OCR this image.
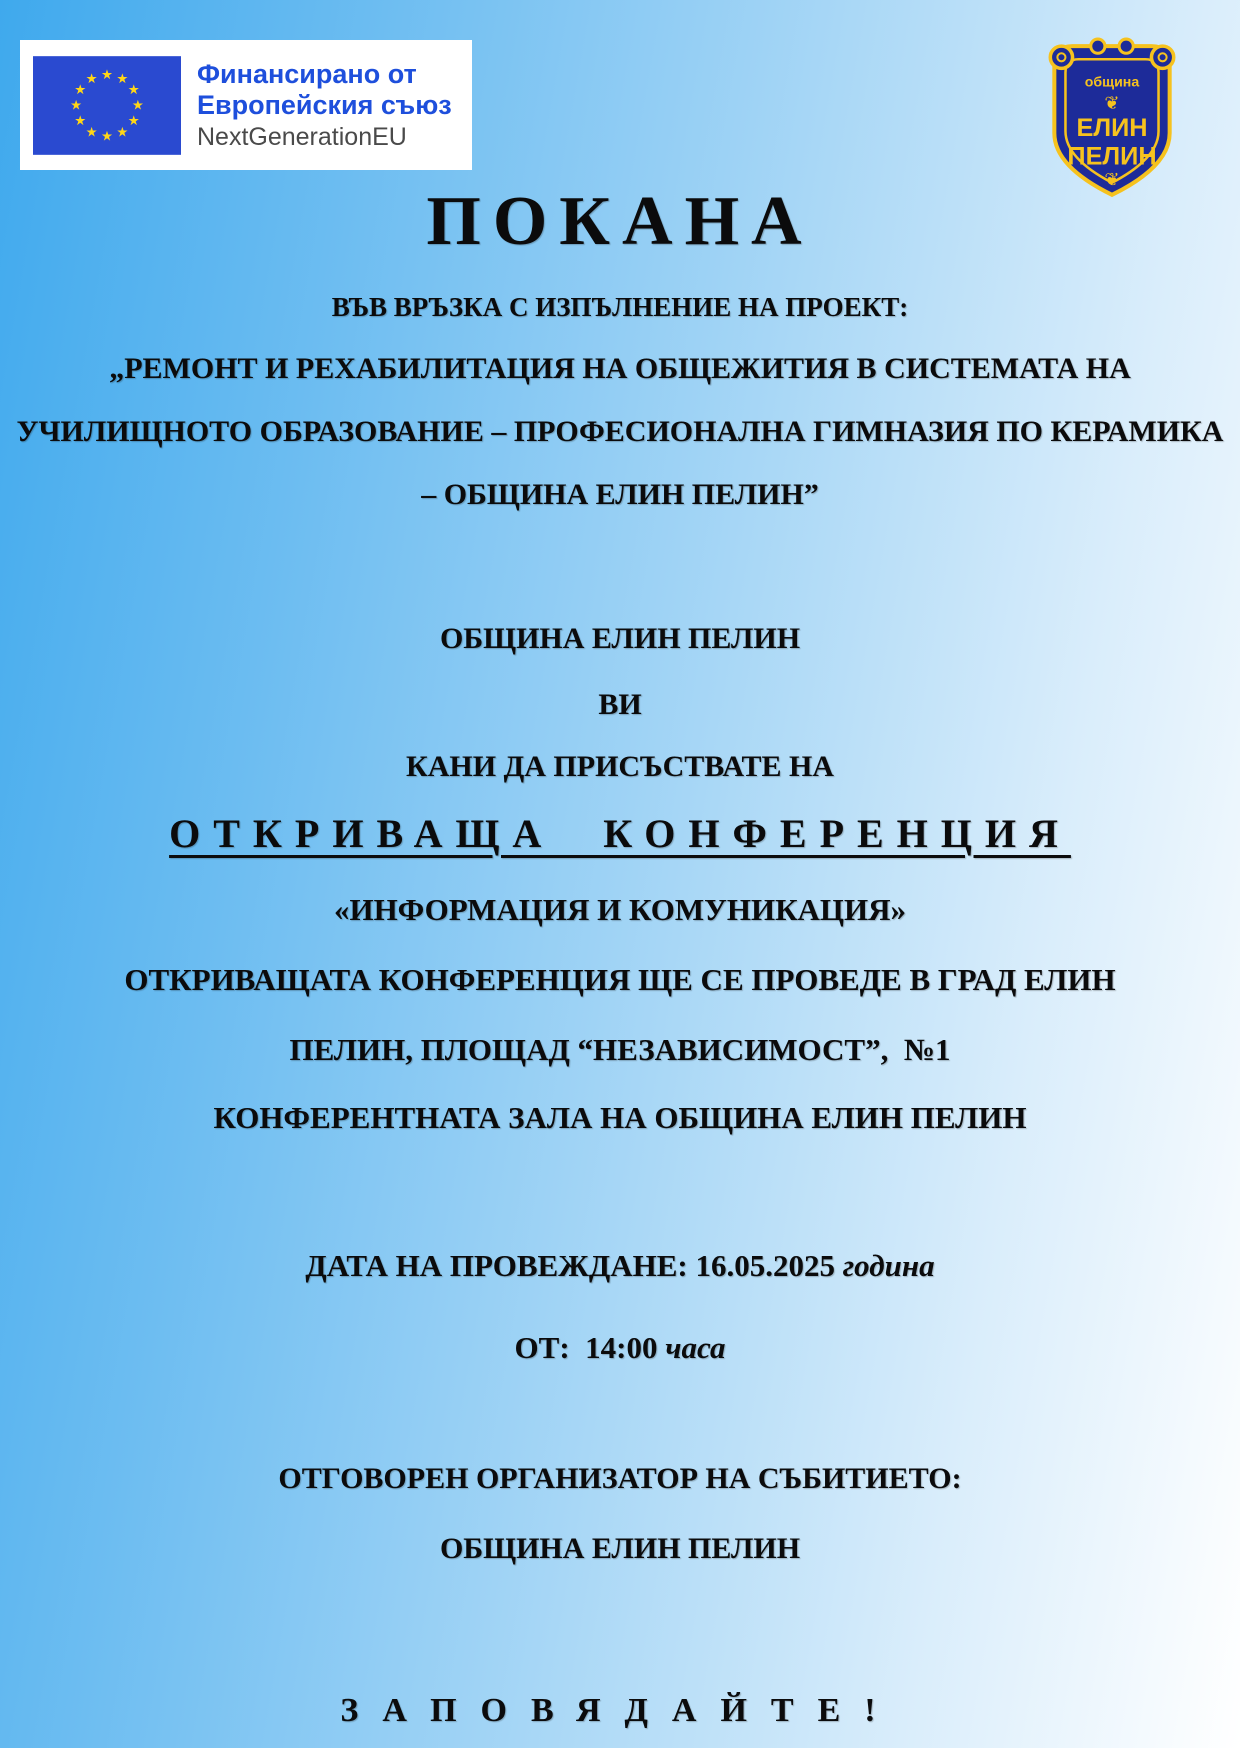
★ ★
★
★
★
★
★
★
★
★
★
★	Финансирано от
Европейския съюз
NextGenerationEU
община
❦
ЕЛИН
ПЕЛИН
❦
ПОКАНА
ВЪВ ВРЪЗКА С ИЗПЪЛНЕНИЕ НА ПРОЕКТ:
„РЕМОНТ И РЕХАБИЛИТАЦИЯ НА ОБЩЕЖИТИЯ В СИСТЕМАТА НА
УЧИЛИЩНОТО ОБРАЗОВАНИЕ – ПРОФЕСИОНАЛНА ГИМНАЗИЯ ПО КЕРАМИКА
– ОБЩИНА ЕЛИН ПЕЛИН”
ОБЩИНА ЕЛИН ПЕЛИН
ВИ
КАНИ ДА ПРИСЪСТВАТЕ НА
ОТКРИВАЩА КОНФЕРЕНЦИЯ
«ИНФОРМАЦИЯ И КОМУНИКАЦИЯ»
ОТКРИВАЩАТА КОНФЕРЕНЦИЯ ЩЕ СЕ ПРОВЕДЕ В ГРАД ЕЛИН
ПЕЛИН, ПЛОЩАД “НЕЗАВИСИМОСТ”,  №1
КОНФЕРЕНТНАТА ЗАЛА НА ОБЩИНА ЕЛИН ПЕЛИН
ДАТА НА ПРОВЕЖДАНЕ: 16.05.2025 година
ОТ:  14:00 часа
ОТГОВОРЕН ОРГАНИЗАТОР НА СЪБИТИЕТО:
ОБЩИНА ЕЛИН ПЕЛИН
ЗАПОВЯДАЙТЕ!
